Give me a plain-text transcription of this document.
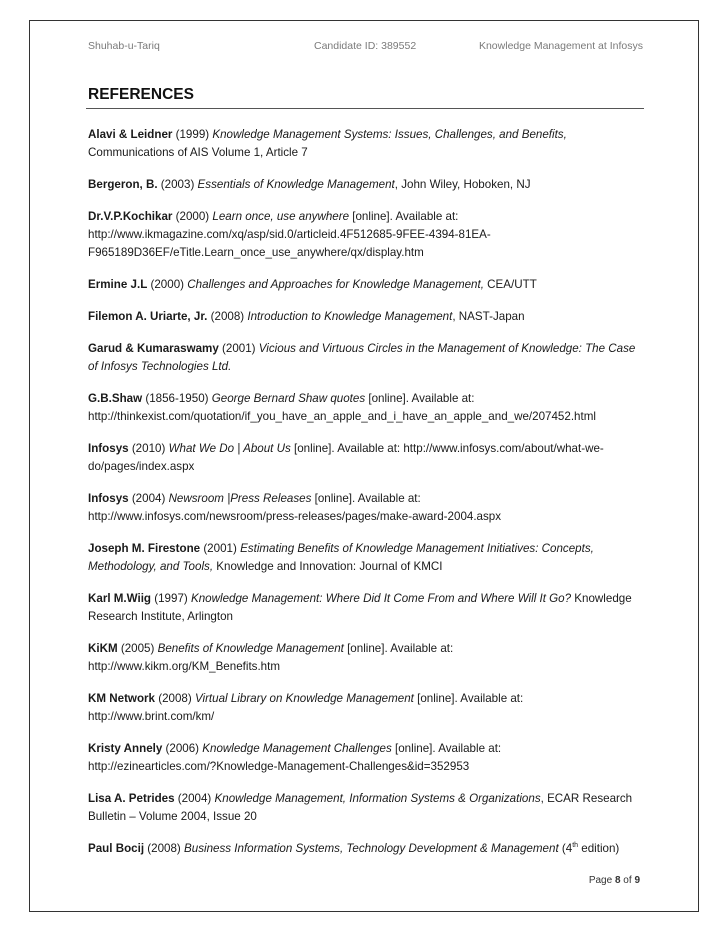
Shuhab-u-Tariq	Candidate ID: 389552	Knowledge Management at Infosys
REFERENCES

Alavi & Leidner (1999) Knowledge Management Systems: Issues, Challenges, and Benefits, Communications of AIS Volume 1, Article 7

Bergeron, B. (2003) Essentials of Knowledge Management, John Wiley, Hoboken, NJ

Dr.V.P.Kochikar (2000) Learn once, use anywhere [online]. Available at:
http://www.ikmagazine.com/xq/asp/sid.0/articleid.4F512685-9FEE-4394-81EA-
F965189D36EF/eTitle.Learn_once_use_anywhere/qx/display.htm

Ermine J.L (2000) Challenges and Approaches for Knowledge Management, CEA/UTT

Filemon A. Uriarte, Jr. (2008) Introduction to Knowledge Management, NAST-Japan

Garud & Kumaraswamy (2001) Vicious and Virtuous Circles in the Management of Knowledge: The Case of Infosys Technologies Ltd.

G.B.Shaw (1856-1950) George Bernard Shaw quotes [online]. Available at:
http://thinkexist.com/quotation/if_you_have_an_apple_and_i_have_an_apple_and_we/207452.html

Infosys (2010) What We Do | About Us [online]. Available at: http://www.infosys.com/about/what-we-do/pages/index.aspx

Infosys (2004) Newsroom |Press Releases [online]. Available at:
http://www.infosys.com/newsroom/press-releases/pages/make-award-2004.aspx

Joseph M. Firestone (2001) Estimating Benefits of Knowledge Management Initiatives: Concepts, Methodology, and Tools, Knowledge and Innovation: Journal of KMCI

Karl M.Wiig (1997) Knowledge Management: Where Did It Come From and Where Will It Go? Knowledge Research Institute, Arlington

KiKM (2005) Benefits of Knowledge Management [online]. Available at:
http://www.kikm.org/KM_Benefits.htm

KM Network (2008) Virtual Library on Knowledge Management [online]. Available at:
http://www.brint.com/km/

Kristy Annely (2006) Knowledge Management Challenges [online]. Available at:
http://ezinearticles.com/?Knowledge-Management-Challenges&id=352953

Lisa A. Petrides (2004) Knowledge Management, Information Systems & Organizations, ECAR Research Bulletin – Volume 2004, Issue 20

Paul Bocij (2008) Business Information Systems, Technology Development & Management (4th edition)

Page 8 of 9
